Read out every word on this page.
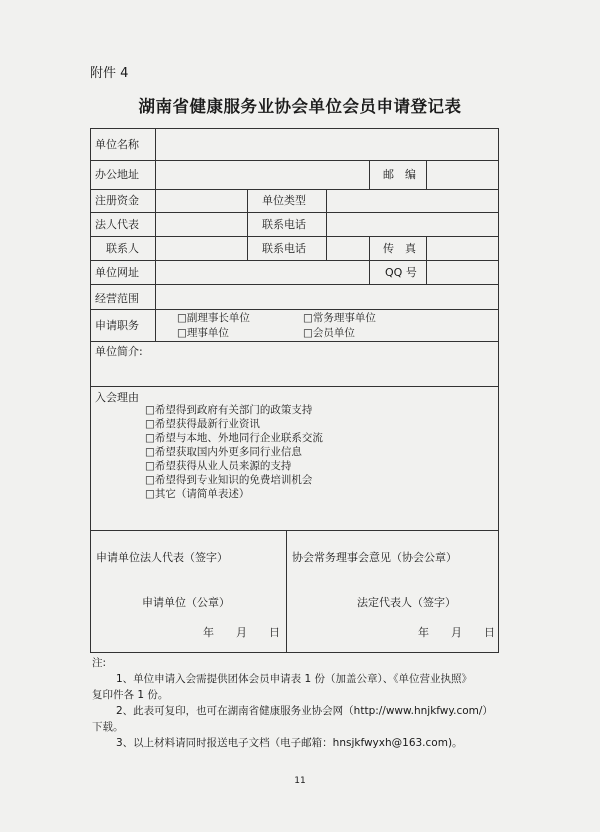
附件 4
湖南省健康服务业协会单位会员申请登记表
单位名称
办公地址	邮　编
注册资金	单位类型
法人代表	联系电话
联系人	联系电话	传　真
单位网址	QQ 号
经营范围
申请职务
□副理事长单位	□常务理事单位
□理事单位	□会员单位
单位简介:
入会理由
□希望得到政府有关部门的政策支持
□希望获得最新行业资讯
□希望与本地、外地同行企业联系交流
□希望获取国内外更多同行业信息
□希望获得从业人员来源的支持
□希望得到专业知识的免费培训机会
□其它（请简单表述）
申请单位法人代表（签字）
申请单位（公章）
年 月 日
协会常务理事会意见（协会公章）
法定代表人（签字）
年 月 日
注:
1、单位申请入会需提供团体会员申请表 1 份（加盖公章）、《单位营业执照》
复印件各 1 份。
2、此表可复印，也可在湖南省健康服务业协会网（http://www.hnjkfwy.com/）
下载。
3、以上材料请同时报送电子文档（电子邮箱：hnsjkfwyxh@163.com)。
11
